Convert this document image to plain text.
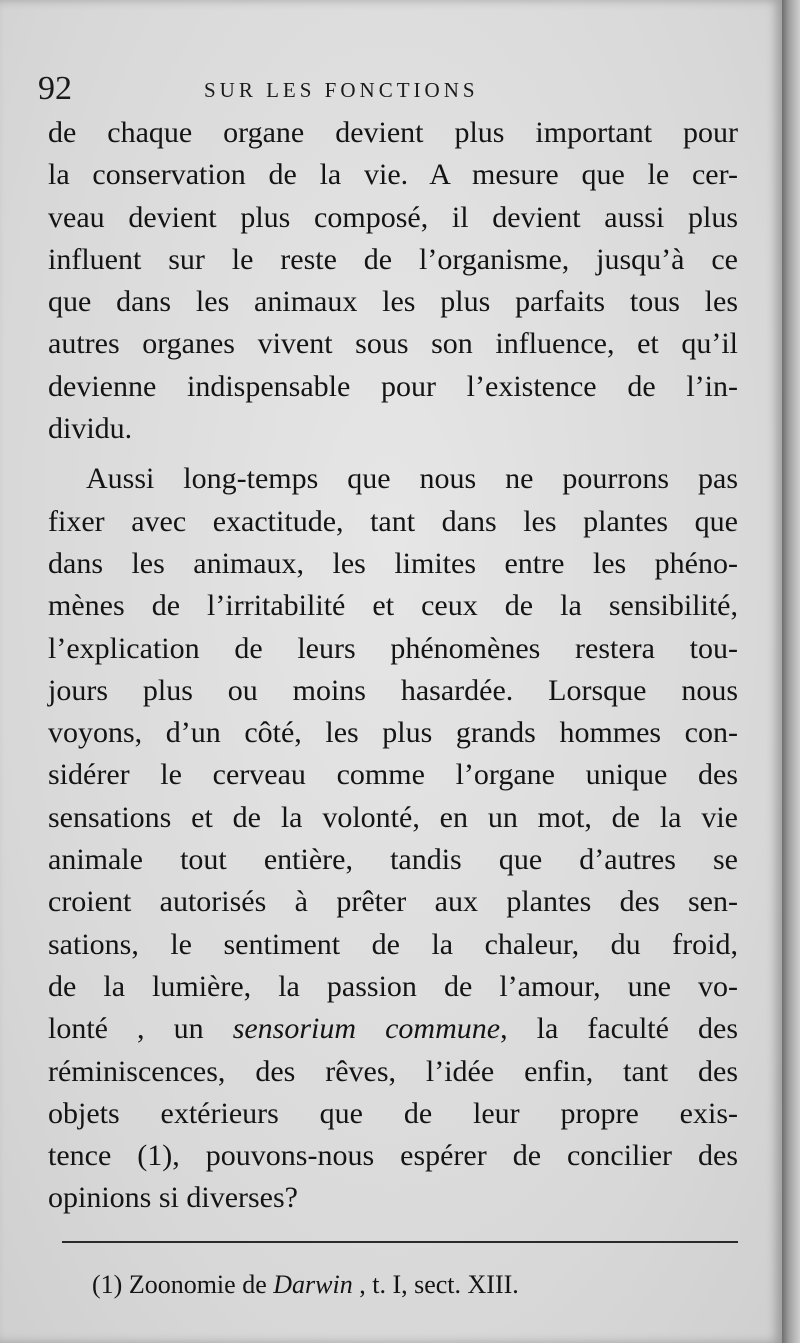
92	SUR LES FONCTIONS

de chaque organe devient plus important pour
la conservation de la vie. A mesure que le cer-
veau devient plus composé, il devient aussi plus
influent sur le reste de l’organisme, jusqu’à ce
que dans les animaux les plus parfaits tous les
autres organes vivent sous son influence, et qu’il
devienne indispensable pour l’existence de l’in-
dividu.

Aussi long-temps que nous ne pourrons pas
fixer avec exactitude, tant dans les plantes que
dans les animaux, les limites entre les phéno-
mènes de l’irritabilité et ceux de la sensibilité,
l’explication de leurs phénomènes restera tou-
jours plus ou moins hasardée. Lorsque nous
voyons, d’un côté, les plus grands hommes con-
sidérer le cerveau comme l’organe unique des
sensations et de la volonté, en un mot, de la vie
animale tout entière, tandis que d’autres se
croient autorisés à prêter aux plantes des sen-
sations, le sentiment de la chaleur, du froid,
de la lumière, la passion de l’amour, une vo-
lonté , un sensorium commune, la faculté des
réminiscences, des rêves, l’idée enfin, tant des
objets extérieurs que de leur propre exis-
tence (1), pouvons-nous espérer de concilier des
opinions si diverses?

(1) Zoonomie de Darwin , t. I, sect. XIII.
